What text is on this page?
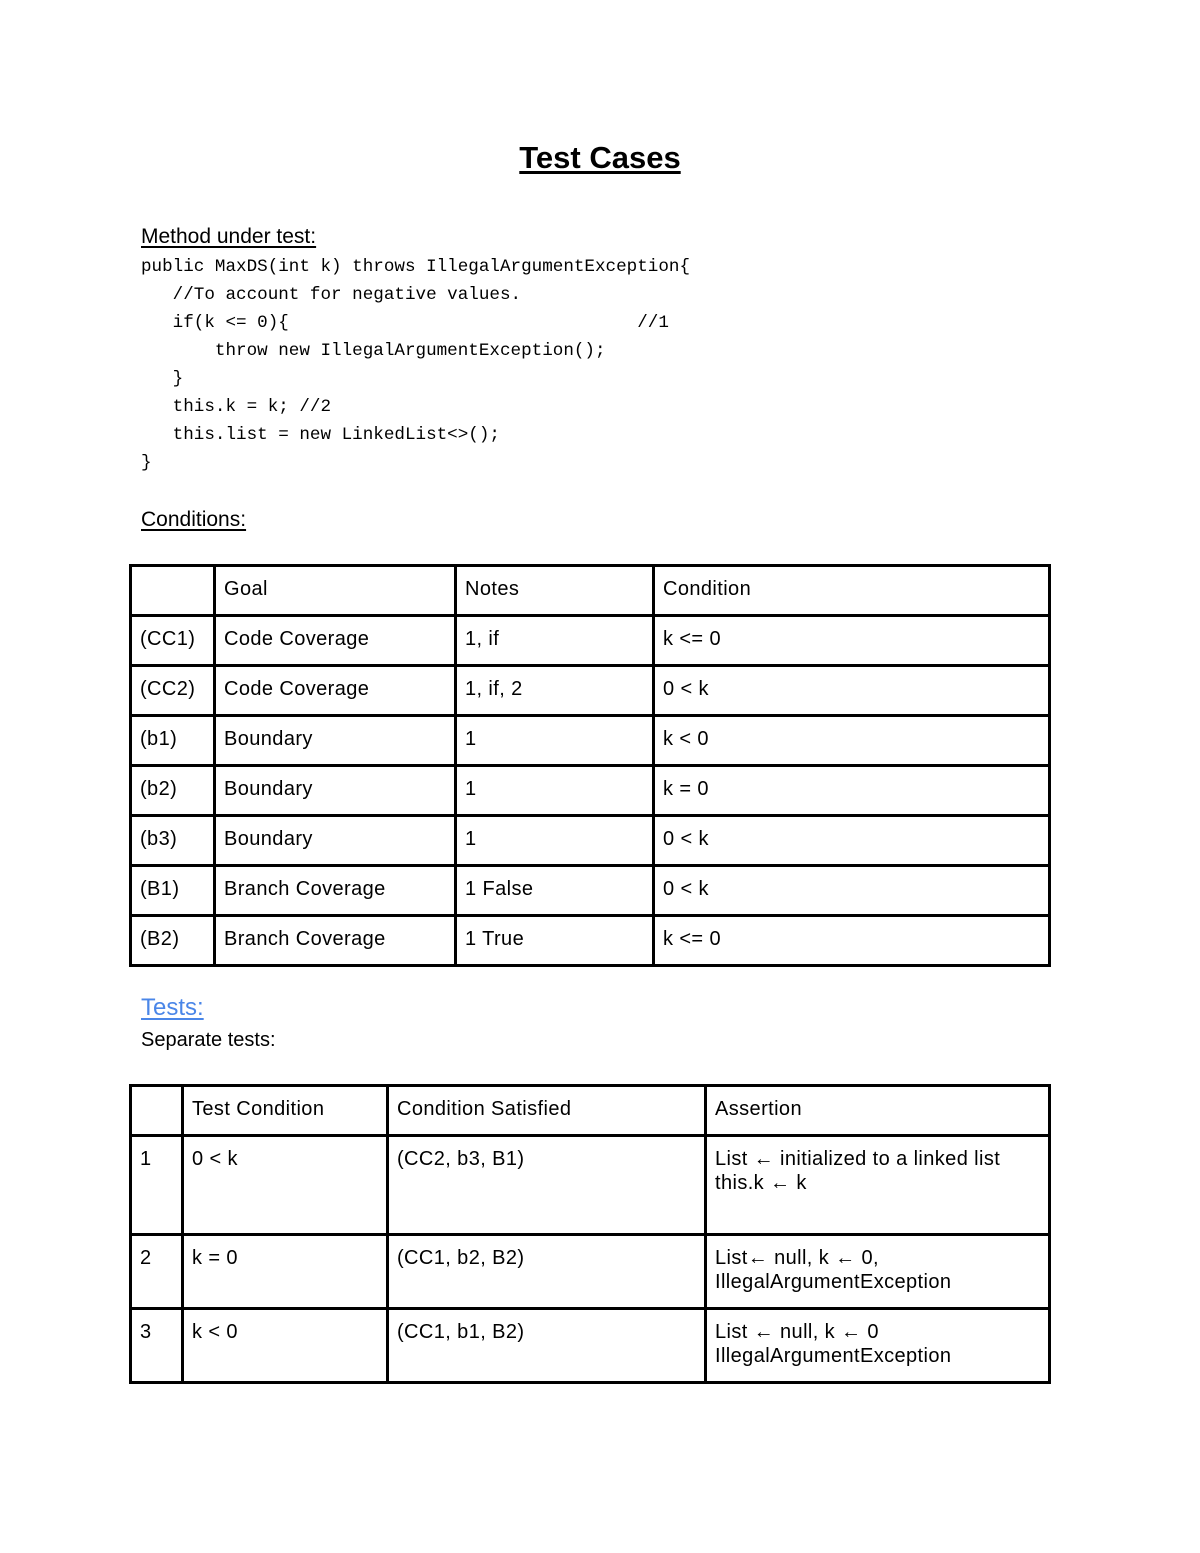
Test Cases
Method under test:
public MaxDS(int k) throws IllegalArgumentException{
//To account for negative values.
if(k <= 0){                                 //1
throw new IllegalArgumentException();
}
this.k = k; //2
this.list = new LinkedList<>();
}
Conditions:
	Goal	Notes	Condition
(CC1)	Code Coverage	1, if	k <= 0
(CC2)	Code Coverage	1, if, 2	0 < k
(b1)	Boundary	1	k < 0
(b2)	Boundary	1	k = 0
(b3)	Boundary	1	0 < k
(B1)	Branch Coverage	1 False	0 < k
(B2)	Branch Coverage	1 True	k <= 0
Tests:
Separate tests:
	Test Condition	Condition Satisfied	Assertion
1	0 < k	(CC2, b3, B1)	List ← initialized to a linked list
this.k ← k
2	k = 0	(CC1, b2, B2)	List← null, k ← 0,
IllegalArgumentException
3	k < 0	(CC1, b1, B2)	List ← null, k ← 0
IllegalArgumentException
